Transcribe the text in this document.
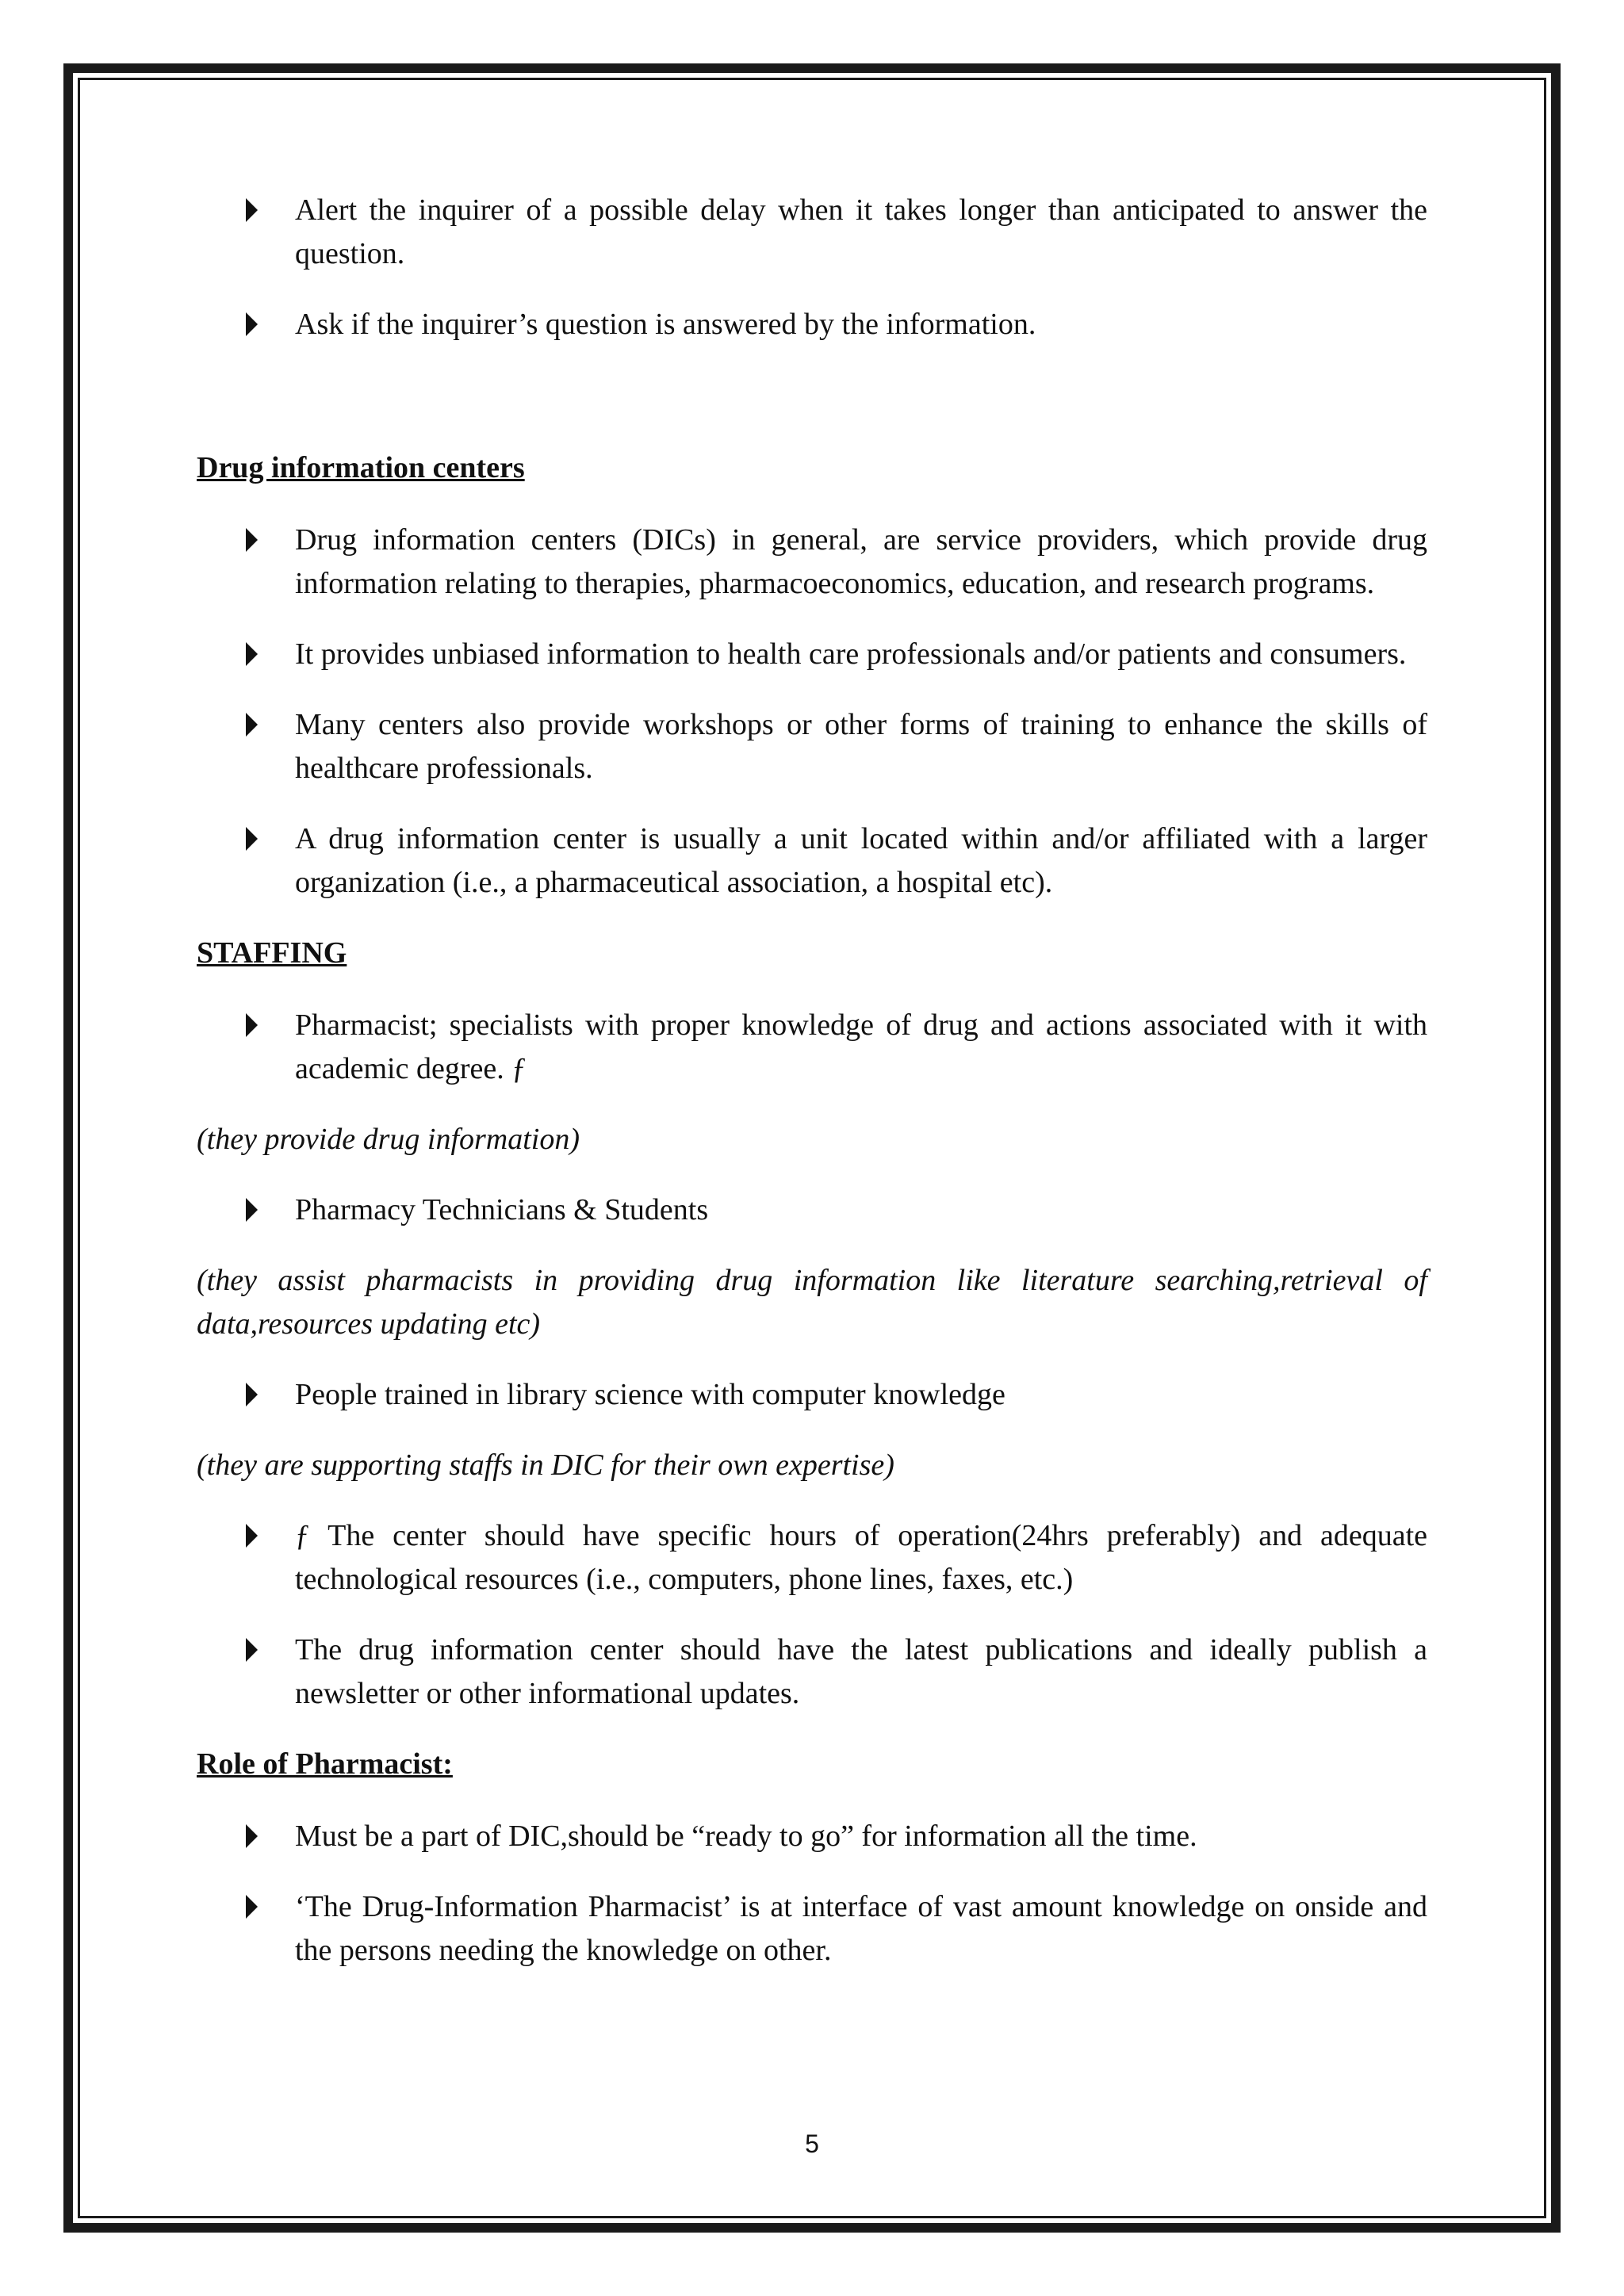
Alert the inquirer of a possible delay when it takes longer than anticipated to answer the question.
Ask if the inquirer’s question is answered by the information.
Drug information centers
Drug information centers (DICs) in general, are service providers, which provide drug information relating to therapies, pharmacoeconomics, education, and research programs.
It provides unbiased information to health care professionals and/or patients and consumers.
Many centers also provide workshops or other forms of training to enhance the skills of healthcare professionals.
A drug information center is usually a unit located within and/or affiliated with a larger organization (i.e., a pharmaceutical association, a hospital etc).
STAFFING
Pharmacist; specialists with proper knowledge of drug and actions associated with it with academic degree. ƒ
(they provide drug information)
Pharmacy Technicians & Students
(they assist pharmacists in providing drug information like literature searching,retrieval of data,resources updating etc)
People trained in library science with computer knowledge
(they are supporting staffs in DIC for their own expertise)
ƒ The center should have specific hours of operation(24hrs preferably) and adequate technological resources (i.e., computers, phone lines, faxes, etc.)
The drug information center should have the latest publications and ideally publish a newsletter or other informational updates.
Role of Pharmacist:
Must be a part of DIC,should be “ready to go” for information all the time.
‘The Drug-Information Pharmacist’ is at interface of vast amount knowledge on onside and the persons needing the knowledge on other.
5
